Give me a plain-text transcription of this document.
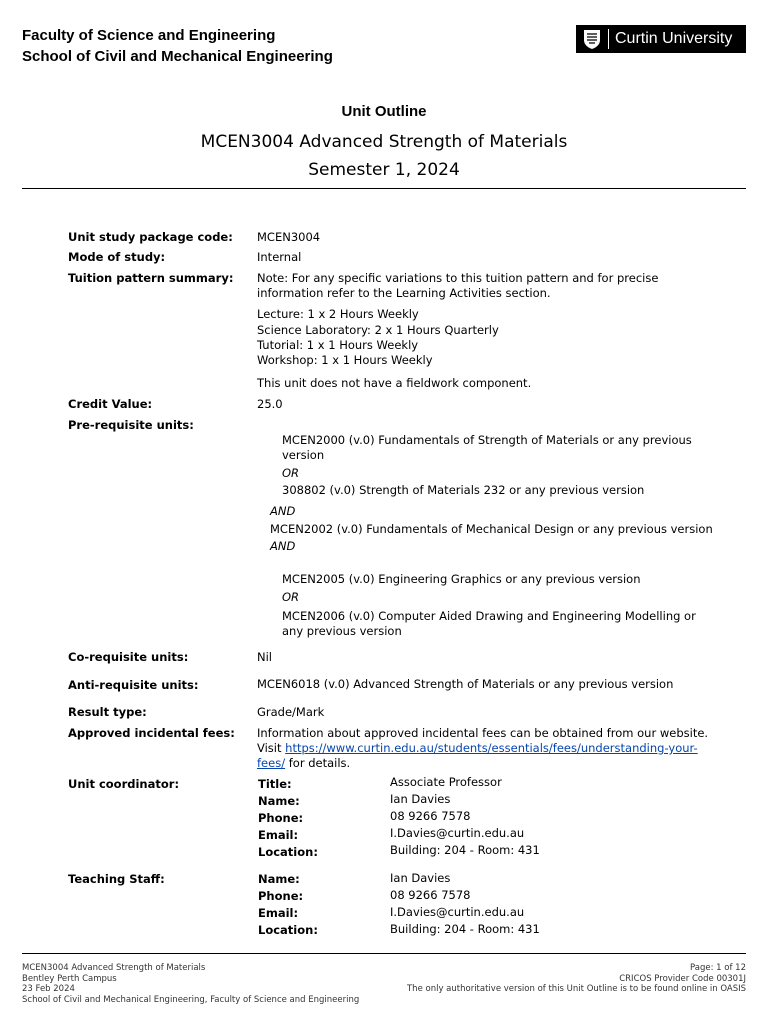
Faculty of Science and Engineering
School of Civil and Mechanical Engineering
Curtin University
Unit Outline
MCEN3004 Advanced Strength of Materials
Semester 1, 2024
Unit study package code: MCEN3004
Mode of study:	Internal
Tuition pattern summary: Note: For any specific variations to this tuition pattern and for precise
information refer to the Learning Activities section.
Lecture: 1 x 2 Hours Weekly
Science Laboratory: 2 x 1 Hours Quarterly
Tutorial: 1 x 1 Hours Weekly
Workshop: 1 x 1 Hours Weekly
This unit does not have a fieldwork component.
Credit Value:	25.0
Pre-requisite units:
MCEN2000 (v.0) Fundamentals of Strength of Materials or any previous
version
OR
308802 (v.0) Strength of Materials 232 or any previous version
AND
MCEN2002 (v.0) Fundamentals of Mechanical Design or any previous version
AND
MCEN2005 (v.0) Engineering Graphics or any previous version
OR
MCEN2006 (v.0) Computer Aided Drawing and Engineering Modelling or
any previous version
Co-requisite units:	Nil
Anti-requisite units:	MCEN6018 (v.0) Advanced Strength of Materials or any previous version
Result type:	Grade/Mark
Approved incidental fees: Information about approved incidental fees can be obtained from our website.
Visit https://www.curtin.edu.au/students/essentials/fees/understanding-your-
fees/ for details.
Unit coordinator:	Title:	Associate Professor
Name:	Ian Davies
Phone:	08 9266 7578
Email:	I.Davies@curtin.edu.au
Location:	Building: 204 - Room: 431
Teaching Staff:	Name:	Ian Davies
Phone:	08 9266 7578
Email:	I.Davies@curtin.edu.au
Location:	Building: 204 - Room: 431
MCEN3004 Advanced Strength of Materials
Bentley Perth Campus
23 Feb 2024
School of Civil and Mechanical Engineering, Faculty of Science and Engineering
Page: 1 of 12
CRICOS Provider Code 00301J
The only authoritative version of this Unit Outline is to be found online in OASIS
